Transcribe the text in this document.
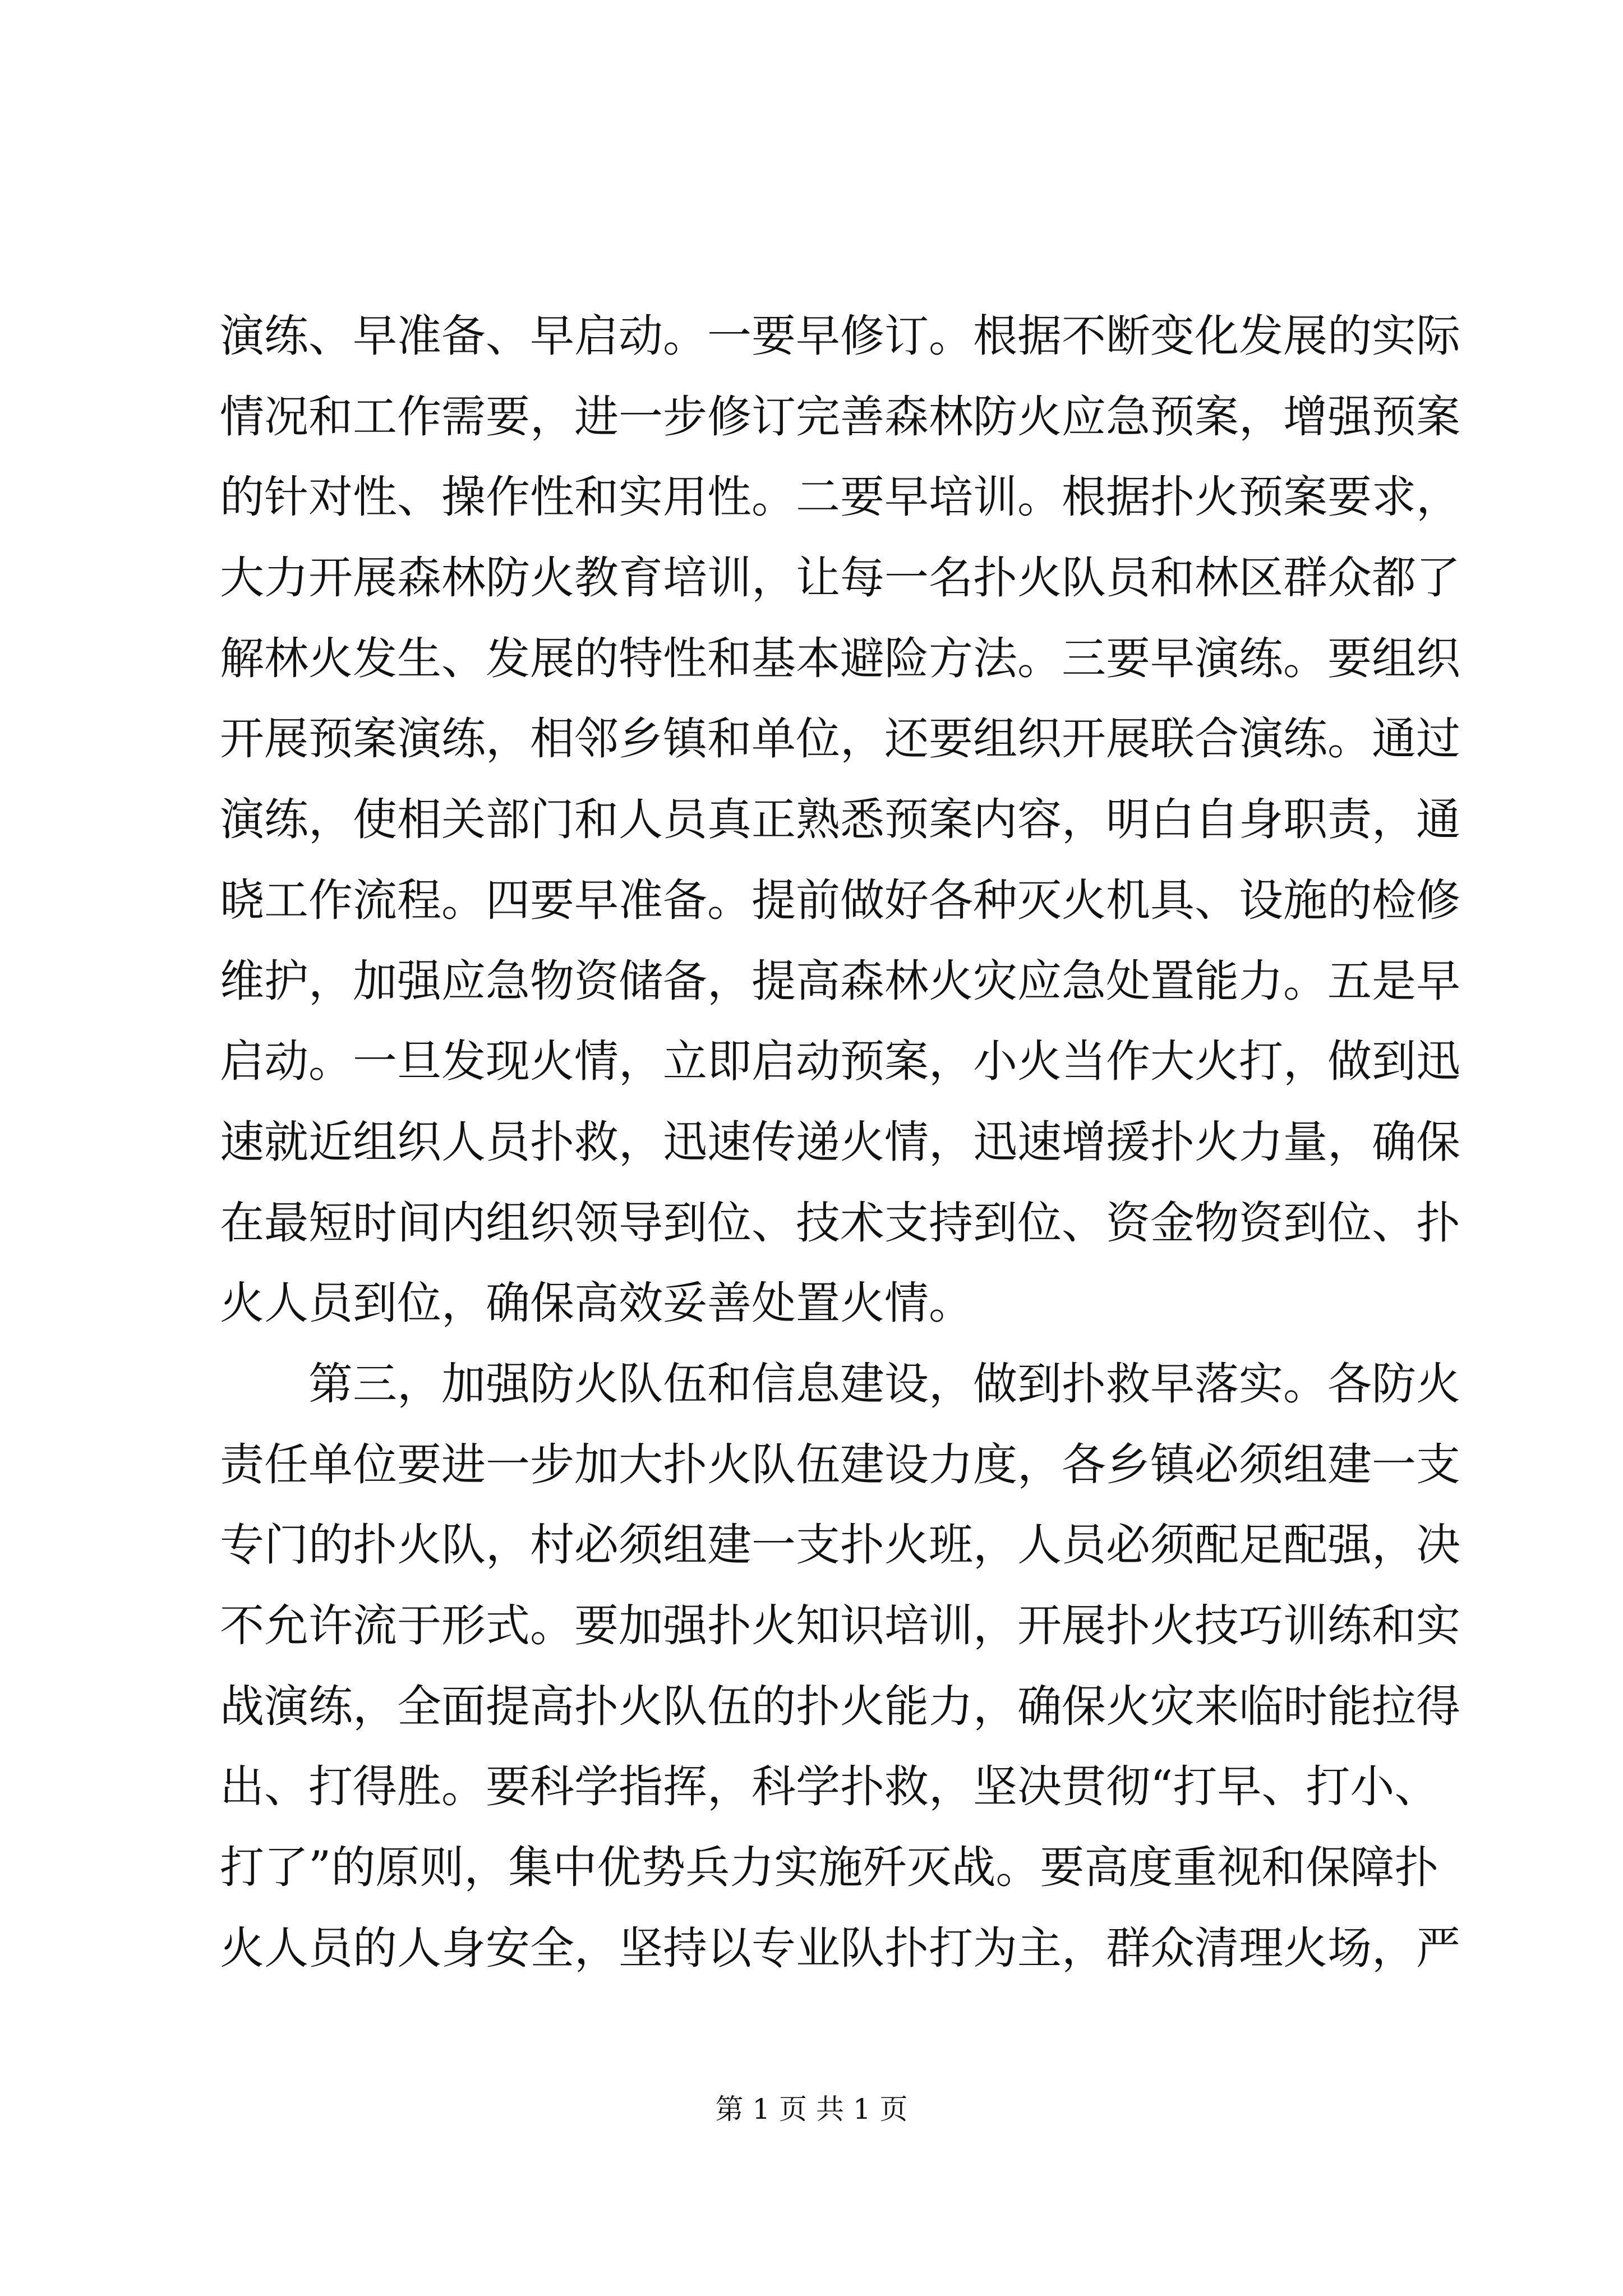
演练、早准备、早启动。一要早修订。根据不断变化发展的实际
情况和工作需要，进一步修订完善森林防火应急预案，增强预案
的针对性、操作性和实用性。二要早培训。根据扑火预案要求，
大力开展森林防火教育培训，让每一名扑火队员和林区群众都了
解林火发生、发展的特性和基本避险方法。三要早演练。要组织
开展预案演练，相邻乡镇和单位，还要组织开展联合演练。通过
演练，使相关部门和人员真正熟悉预案内容，明白自身职责，通
晓工作流程。四要早准备。提前做好各种灭火机具、设施的检修
维护，加强应急物资储备，提高森林火灾应急处置能力。五是早
启动。一旦发现火情，立即启动预案，小火当作大火打，做到迅
速就近组织人员扑救，迅速传递火情，迅速增援扑火力量，确保
在最短时间内组织领导到位、技术支持到位、资金物资到位、扑
火人员到位，确保高效妥善处置火情。
第三，加强防火队伍和信息建设，做到扑救早落实。各防火
责任单位要进一步加大扑火队伍建设力度，各乡镇必须组建一支
专门的扑火队，村必须组建一支扑火班，人员必须配足配强，决
不允许流于形式。要加强扑火知识培训，开展扑火技巧训练和实
战演练，全面提高扑火队伍的扑火能力，确保火灾来临时能拉得
出、打得胜。要科学指挥，科学扑救，坚决贯彻“打早、打小、
打了”的原则，集中优势兵力实施歼灭战。要高度重视和保障扑
火人员的人身安全，坚持以专业队扑打为主，群众清理火场，严
第 1 页 共 1 页
